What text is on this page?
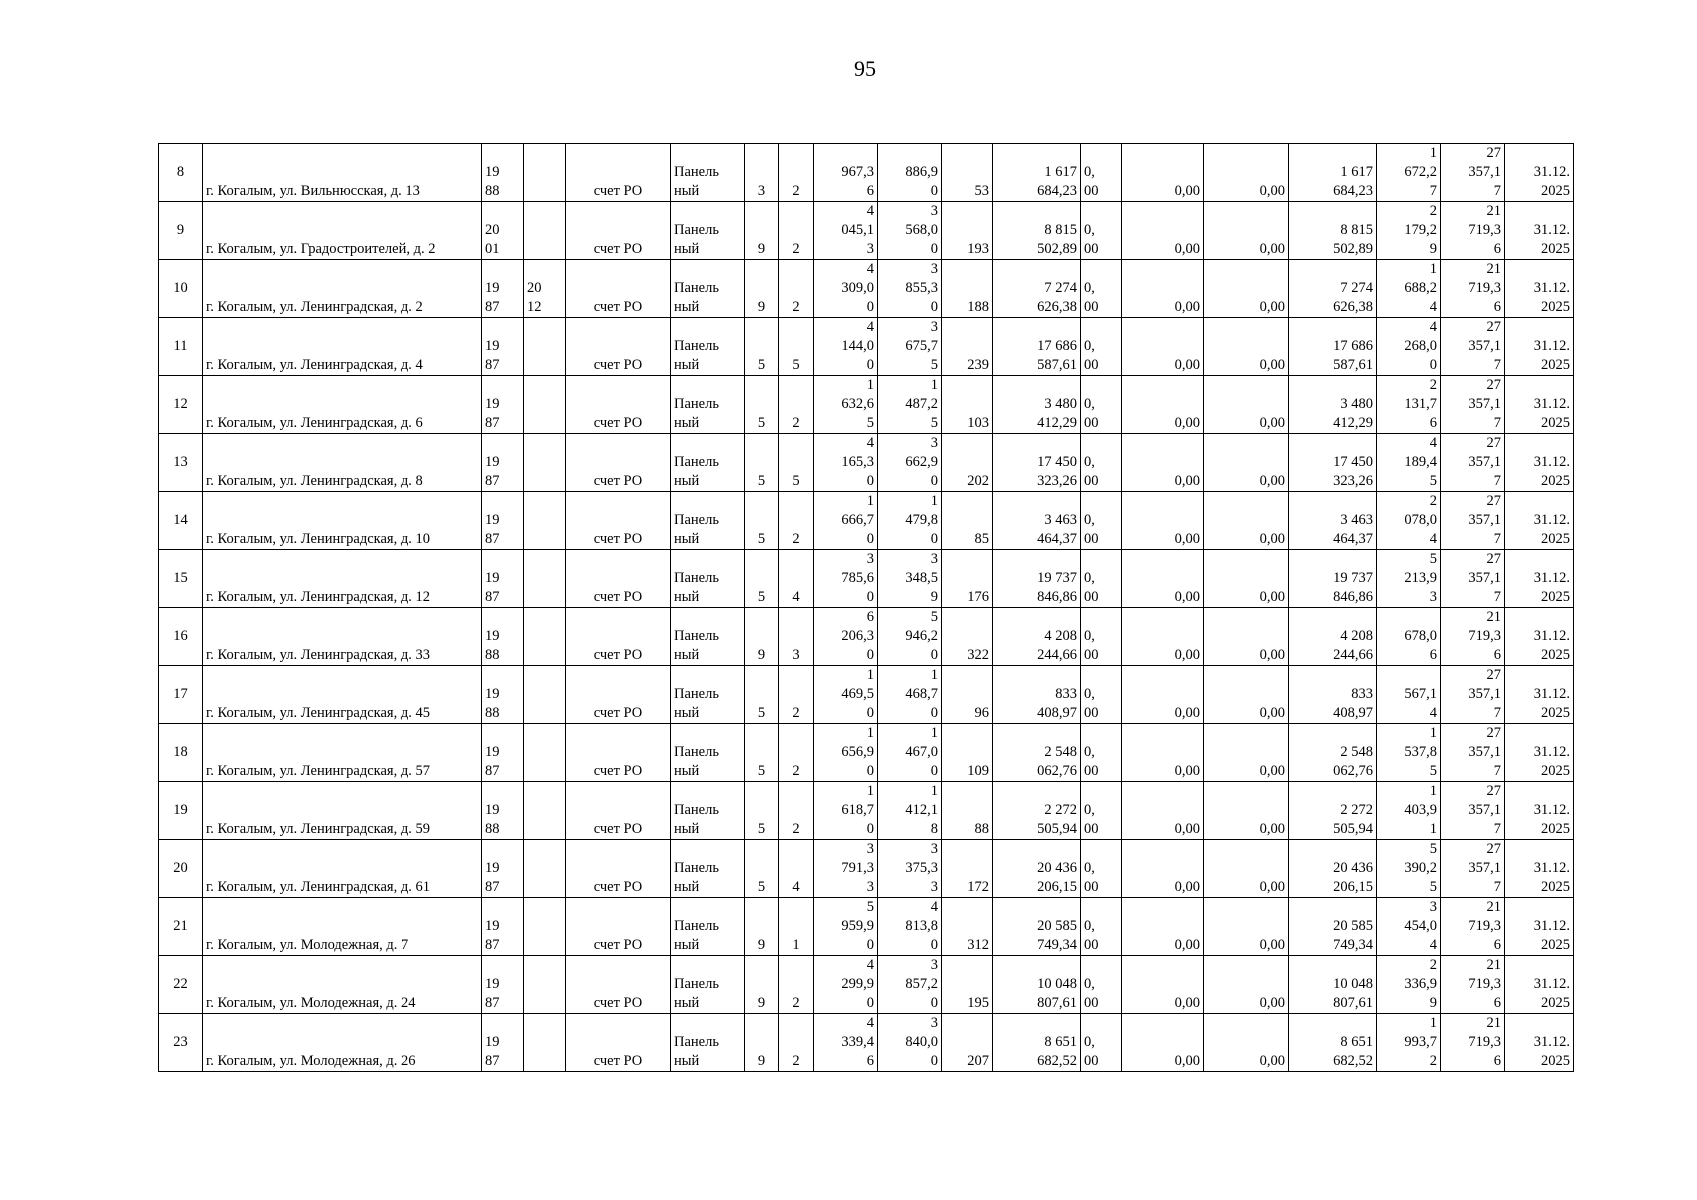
95
8	г. Когалым, ул. Вильнюсская, д. 13	19
88		счет РО	Панель
ный	3	2	967,3
6	886,9
0	53	1 617
684,23	0,
00	0,00	0,00	1 617
684,23	1
672,2
7	27
357,1
7	31.12.
2025
9	г. Когалым, ул. Градостроителей, д. 2	20
01		счет РО	Панель
ный	9	2	4
045,1
3	3
568,0
0	193	8 815
502,89	0,
00	0,00	0,00	8 815
502,89	2
179,2
9	21
719,3
6	31.12.
2025
10	г. Когалым, ул. Ленинградская, д. 2	19
87	20
12	счет РО	Панель
ный	9	2	4
309,0
0	3
855,3
0	188	7 274
626,38	0,
00	0,00	0,00	7 274
626,38	1
688,2
4	21
719,3
6	31.12.
2025
11	г. Когалым, ул. Ленинградская, д. 4	19
87		счет РО	Панель
ный	5	5	4
144,0
0	3
675,7
5	239	17 686
587,61	0,
00	0,00	0,00	17 686
587,61	4
268,0
0	27
357,1
7	31.12.
2025
12	г. Когалым, ул. Ленинградская, д. 6	19
87		счет РО	Панель
ный	5	2	1
632,6
5	1
487,2
5	103	3 480
412,29	0,
00	0,00	0,00	3 480
412,29	2
131,7
6	27
357,1
7	31.12.
2025
13	г. Когалым, ул. Ленинградская, д. 8	19
87		счет РО	Панель
ный	5	5	4
165,3
0	3
662,9
0	202	17 450
323,26	0,
00	0,00	0,00	17 450
323,26	4
189,4
5	27
357,1
7	31.12.
2025
14	г. Когалым, ул. Ленинградская, д. 10	19
87		счет РО	Панель
ный	5	2	1
666,7
0	1
479,8
0	85	3 463
464,37	0,
00	0,00	0,00	3 463
464,37	2
078,0
4	27
357,1
7	31.12.
2025
15	г. Когалым, ул. Ленинградская, д. 12	19
87		счет РО	Панель
ный	5	4	3
785,6
0	3
348,5
9	176	19 737
846,86	0,
00	0,00	0,00	19 737
846,86	5
213,9
3	27
357,1
7	31.12.
2025
16	г. Когалым, ул. Ленинградская, д. 33	19
88		счет РО	Панель
ный	9	3	6
206,3
0	5
946,2
0	322	4 208
244,66	0,
00	0,00	0,00	4 208
244,66	678,0
6	21
719,3
6	31.12.
2025
17	г. Когалым, ул. Ленинградская, д. 45	19
88		счет РО	Панель
ный	5	2	1
469,5
0	1
468,7
0	96	833
408,97	0,
00	0,00	0,00	833
408,97	567,1
4	27
357,1
7	31.12.
2025
18	г. Когалым, ул. Ленинградская, д. 57	19
87		счет РО	Панель
ный	5	2	1
656,9
0	1
467,0
0	109	2 548
062,76	0,
00	0,00	0,00	2 548
062,76	1
537,8
5	27
357,1
7	31.12.
2025
19	г. Когалым, ул. Ленинградская, д. 59	19
88		счет РО	Панель
ный	5	2	1
618,7
0	1
412,1
8	88	2 272
505,94	0,
00	0,00	0,00	2 272
505,94	1
403,9
1	27
357,1
7	31.12.
2025
20	г. Когалым, ул. Ленинградская, д. 61	19
87		счет РО	Панель
ный	5	4	3
791,3
3	3
375,3
3	172	20 436
206,15	0,
00	0,00	0,00	20 436
206,15	5
390,2
5	27
357,1
7	31.12.
2025
21	г. Когалым, ул. Молодежная, д. 7	19
87		счет РО	Панель
ный	9	1	5
959,9
0	4
813,8
0	312	20 585
749,34	0,
00	0,00	0,00	20 585
749,34	3
454,0
4	21
719,3
6	31.12.
2025
22	г. Когалым, ул. Молодежная, д. 24	19
87		счет РО	Панель
ный	9	2	4
299,9
0	3
857,2
0	195	10 048
807,61	0,
00	0,00	0,00	10 048
807,61	2
336,9
9	21
719,3
6	31.12.
2025
23	г. Когалым, ул. Молодежная, д. 26	19
87		счет РО	Панель
ный	9	2	4
339,4
6	3
840,0
0	207	8 651
682,52	0,
00	0,00	0,00	8 651
682,52	1
993,7
2	21
719,3
6	31.12.
2025
